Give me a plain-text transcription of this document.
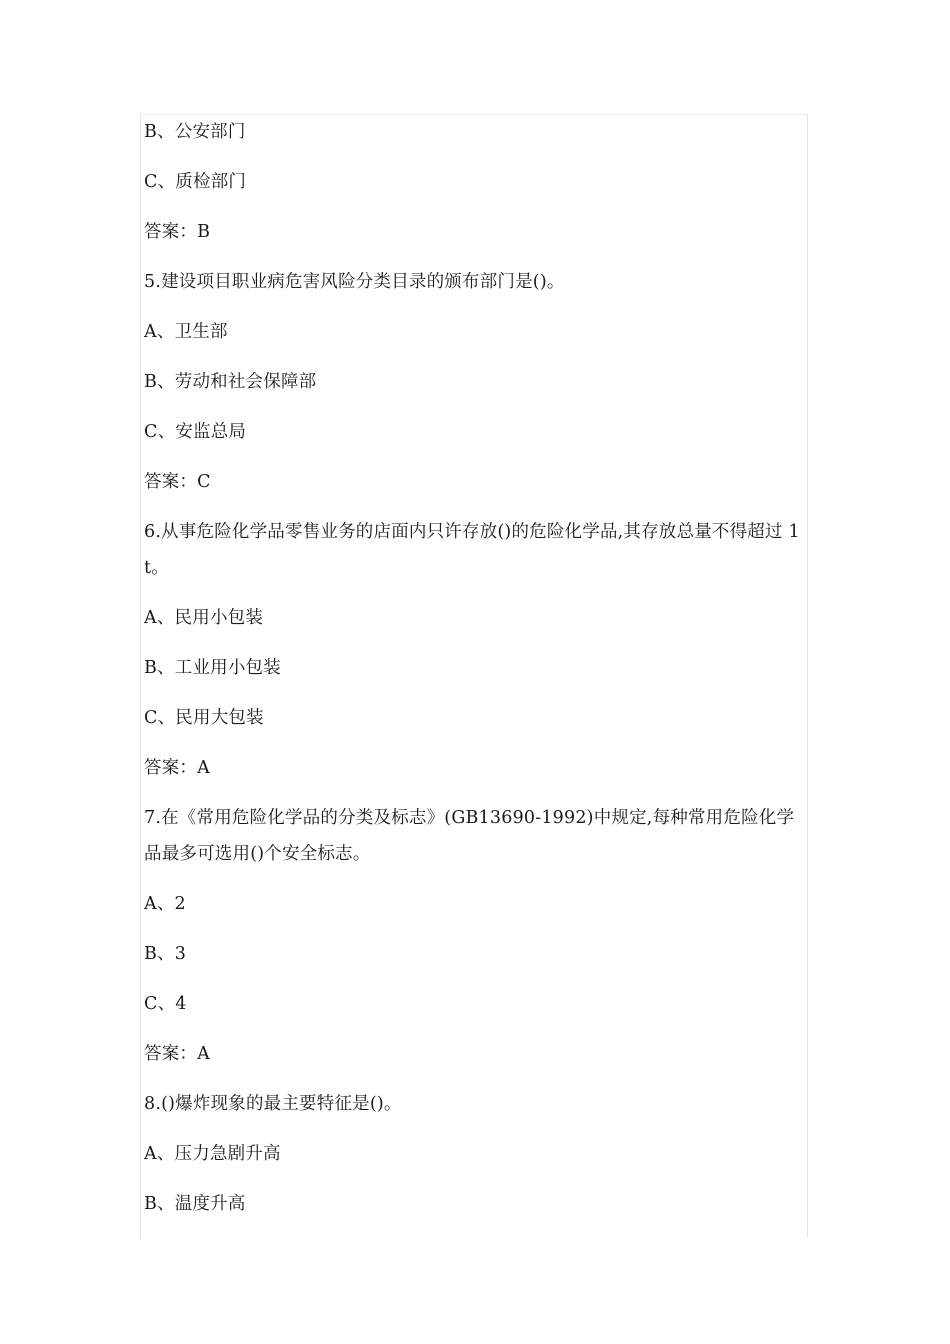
B、公安部门

C、质检部门

答案：B

5.建设项目职业病危害风险分类目录的颁布部门是()。

A、卫生部

B、劳动和社会保障部

C、安监总局

答案：C

6.从事危险化学品零售业务的店面内只许存放()的危险化学品,其存放总量不得超过 1t。

A、民用小包装

B、工业用小包装

C、民用大包装

答案：A

7.在《常用危险化学品的分类及标志》(GB13690-1992)中规定,每种常用危险化学品最多可选用()个安全标志。

A、2

B、3

C、4

答案：A

8.()爆炸现象的最主要特征是()。

A、压力急剧升高

B、温度升高
